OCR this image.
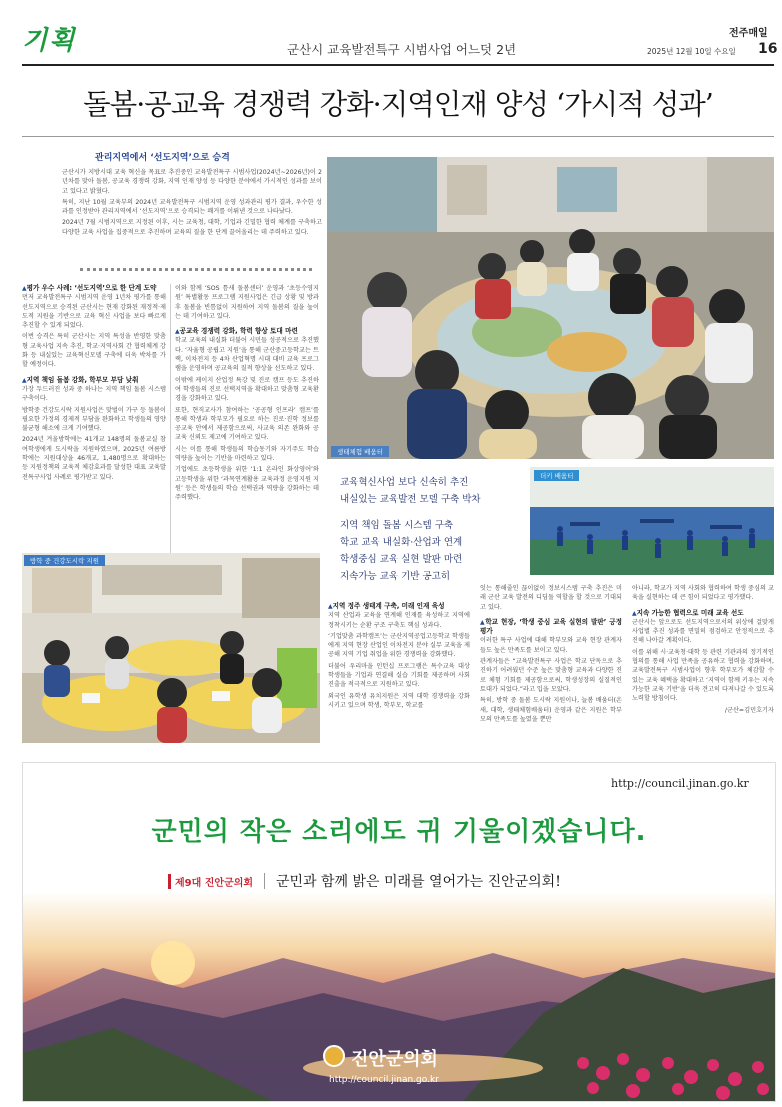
기획	군산시 교육발전특구 시범사업 어느덧 2년
전주매일
2025년 12월 10일 수요일 16
돌봄·공교육 경쟁력 강화·지역인재 양성 ‘가시적 성과’
관리지역에서 ‘선도지역’으로 승격
군산시가 지방시대 교육 혁신을 목표로 추진중인 교육발전특구 시범사업(2024년~2026년)이 2년차를 맞아 돌봄, 공교육 경쟁력 강화, 지역 인재 양성 등 다양한 분야에서 가시적인 성과를 보이고 있다고 밝혔다.
특히, 지난 10월 교육부의 2024년 교육발전특구 시범지역 운영 성과관리 평가 결과, 우수한 성과를 인정받아 관리지역에서 ‘선도지역’으로 승격되는 쾌거를 이뤄낸 것으로 나타났다.
2024년 7월 시범지역으로 지정된 이후, 시는 교육청, 대학, 기업과 긴밀한 협력 체계를 구축하고 다양한 교육 사업을 집중적으로 추진하며 교육의 질을 한 단계 끌어올리는 데 주력하고 있다.
생태체험 배움터
▲ 평가 우수 사례: ‘선도지역’으로 한 단계 도약
먼저 교육발전특구 시범지역 운영 1년차 평가를 통해 선도지역으로 승격된 군산시는 현재 강화된 재정적·제도적 지원을 기반으로 교육 혁신 사업을 보다 빠르게 추진할 수 있게 되었다.
이번 승격은 특히 군산시는 지역 특성을 반영한 맞춤형 교육사업 지속 추진, 학교·지역사회 간 협력체계 강화 등 내실있는 교육혁신모델 구축에 더욱 박차를 가할 예정이다.
▲ 지역 책임 돌봄 강화, 학부모 부담 낮춰
가장 두드러진 성과 중 하나는 지역 책임 돌봄 시스템 구축이다.
방학중 건강도시락 지원사업은 맞벌이 가구 등 돌봄이 필요한 가정의 경제적 부담을 완화하고 학생들의 영양 불균형 해소에 크게 기여했다.
2024년 겨울방학에는 41개교 148명의 돌봄교실 참여학생에게 도시락을 지원하였으며, 2025년 여름방학에는 지원대상을 46개교, 1,480명으로 확대하는 등 지원정책의 교육적 체감효과를 달성한 대표 교육발전특구사업 사례로 평가받고 있다.
이와 함께 ‘SOS 틈새 돌봄센터’ 운영과 ‘초등수영지원’ 특별활동 프로그램 지원사업은 긴급 상황 및 방과후 돌봄을 빈틈없이 지원하여 지역 돌봄의 질을 높이는 데 기여하고 있다.
▲ 공교육 경쟁력 강화, 학력 향상 토대 마련
학교 교육의 내실화 더불어 시민들 성공적으로 추진했다. ‘자율형 공립고 지원’을 통해 군산중고등학교는 트랙, 이차전지 등 4차 산업혁명 시대 대비 교육 프로그램을 운영하며 공교육의 질적 향상을 선도하고 있다.
이밖에 케이지 산업정 특강 및 진로 캠프 등도 추진하여 학생들의 진로 선택지역을 확대하고 맞춤형 교육환경을 강화하고 있다.
또한, 현직교사가 참여하는 ‘공공형 인프라’ 캠프’를 통해 학생과 학부모가 필요로 하는 진로·진학 정보를 공교육 안에서 제공함으로써, 사교육 의존 완화와 공교육 신뢰도 제고에 기여하고 있다.
시는 이를 통해 학생들의 학습동기와 자기주도 학습 역량을 높이는 기반을 마련하고 있다.
기업에도 초등학생을 위한 ‘1:1 온라인 화상영어’와 고등학생을 위한 ‘과목연계활용 교육과정 운영지원 지원’ 등은 학생들의 학습 선택권과 역량을 강화하는 데 주력했다.
교육혁신사업 보다 신속히 추진
내실있는 교육발전 모델 구축 박차
지역 책임 돌봄 시스템 구축
학교 교육 내실화·산업과 연계
학생중심 교육 실현 발판 마련
지속가능 교육 기반 공고히
더키 배움터
방학 중 건강도시락 지원
▲ 지역 정주 생태계 구축, 미래 인재 육성
지역 산업과 교육을 연계해 인재를 육성하고 지역에 정착시키는 순환 구조 구축도 핵심 성과다.
‘기업맞춤 과학캠프’는 군산지역공업고등학교 학생들에게 지역 현장 산업인 이차전지 분야 실무 교육을 제공해 지역 기업 취업을 위한 경쟁력을 강화했다.
더불어 우리마을 인턴십 프로그램은 특수교육 대상 학생들을 기업과 연결해 실습 기회를 제공하며 사회 진출을 적극적으로 지원하고 있다.
외국인 유학생 유치지원은 지역 대학 경쟁력을 강화시키고 있으며 학생, 학부모, 학교를
잇는 통해줄인 끊이없이 정보시스템 구축 추진은 미래 군산 교육 발전의 디딤돌 역할을 할 것으로 기대되고 있다.
▲ 학교 현장, ‘학생 중심 교육 실현의 발판’ 긍정 평가
이러한 특구 사업에 대해 학부모와 교육 현장 관계자들도 높은 만족도를 보이고 있다.
관계자들은 “교육발전특구 사업은 학교 단독으로 추진하기 어려웠던 수준 높은 맞춤형 교육과 다양한 진로 체험 기회를 제공함으로써, 학생성장의 실질적인 토대가 되었다.”라고 입을 모았다.
특히, 방학 중 돌봄 도시락 지원이나, 늘봄 배움터(온새, 대학, 생태체험배움터) 운영과 같은 지원은 학부모의 만족도를 높였을 뿐만
아니라, 학교가 지역 사회와 협력하여 학생 중심의 교육을 실현하는 데 큰 힘이 되었다고 평가했다.
▲ 지속 가능한 협력으로 미래 교육 선도
군산시는 앞으로도 선도지역으로서의 위상에 걸맞게 사업별 추진 성과를 면밀히 점검하고 안정적으로 추진해 나아갈 계획이다.
이를 위해 시·교육청·대학 등 관련 기관과의 정기적인 협의를 통해 사업 만족을 공유하고 협력을 강화하며, 교육발전특구 시범사업이 향후 학부모가 체감할 수 있는 교육 혜택을 확대하고 ‘지역이 함께 키우는 지속 가능한 교육 기반’을 더욱 견고히 다져나갈 수 있도록 노력할 방침이다.
/군산=김민호기자
http://council.jinan.go.kr
군민의 작은 소리에도 귀 기울이겠습니다.
제9대 진안군의회 군민과 함께 밝은 미래를 열어가는 진안군의회!
진안군의회
http://council.jinan.go.kr
